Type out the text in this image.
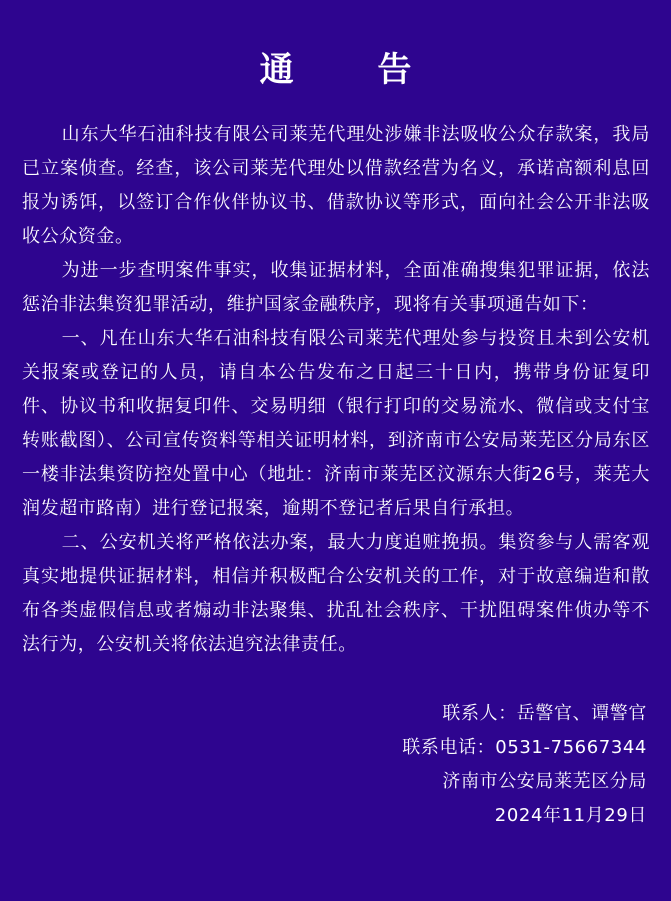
通 告

山东大华石油科技有限公司莱芜代理处涉嫌非法吸收公众存款案，我局已立案侦查。经查，该公司莱芜代理处以借款经营为名义，承诺高额利息回报为诱饵，以签订合作伙伴协议书、借款协议等形式，面向社会公开非法吸收公众资金。

为进一步查明案件事实，收集证据材料，全面准确搜集犯罪证据，依法惩治非法集资犯罪活动，维护国家金融秩序，现将有关事项通告如下：

一、凡在山东大华石油科技有限公司莱芜代理处参与投资且未到公安机关报案或登记的人员，请自本公告发布之日起三十日内，携带身份证复印件、协议书和收据复印件、交易明细（银行打印的交易流水、微信或支付宝转账截图）、公司宣传资料等相关证明材料，到济南市公安局莱芜区分局东区一楼非法集资防控处置中心（地址：济南市莱芜区汶源东大街26号，莱芜大润发超市路南）进行登记报案，逾期不登记者后果自行承担。

二、公安机关将严格依法办案，最大力度追赃挽损。集资参与人需客观真实地提供证据材料，相信并积极配合公安机关的工作，对于故意编造和散布各类虚假信息或者煽动非法聚集、扰乱社会秩序、干扰阻碍案件侦办等不法行为，公安机关将依法追究法律责任。

联系人：岳警官、谭警官
联系电话：0531-75667344
济南市公安局莱芜区分局
2024年11月29日
